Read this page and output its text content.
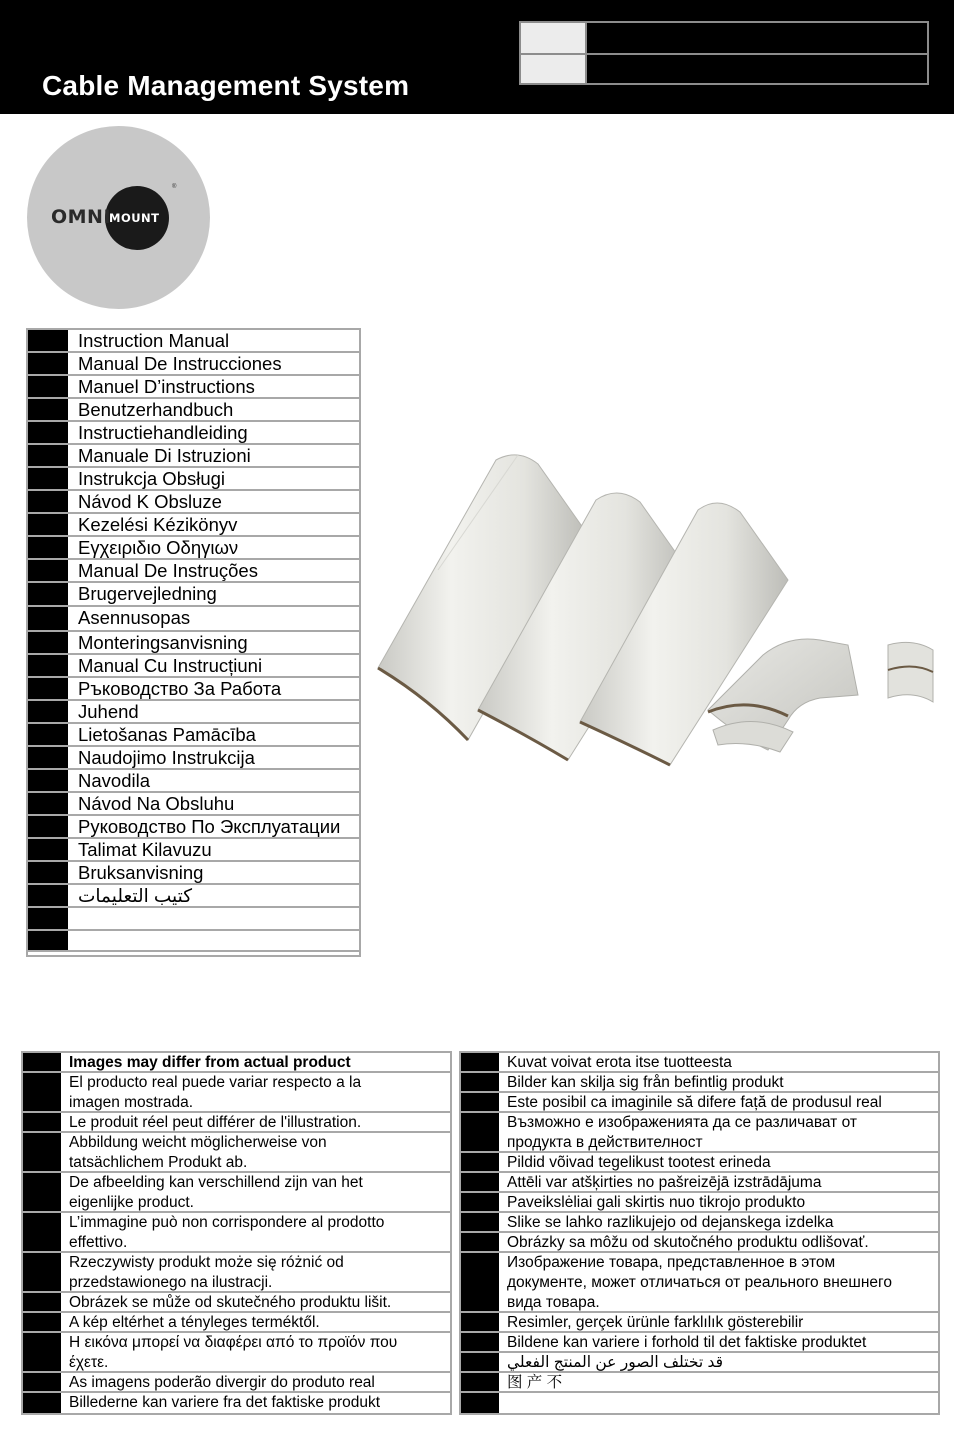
Cable Management System
OMNI
MOUNT
®
Instruction Manual
Manual De Instrucciones
Manuel D’instructions
Benutzerhandbuch
Instructiehandleiding
Manuale Di Istruzioni
Instrukcja Obsługi
Návod K Obsluze
Kezelési Kézikönyv
Εγχειριδιο Οδηγιων
Manual De Instruções
Brugervejledning
Asennusopas
Monteringsanvisning
Manual Cu Instrucțiuni
Ръководство За Работа
Juhend
Lietošanas Pamācība
Naudojimo Instrukcija
Navodila
Návod Na Obsluhu
Руководство По Эксплуатации
Talimat Kilavuzu
Bruksanvisning
كتيب التعليمات
Images may differ from actual product
El producto real puede variar respecto a la
imagen mostrada.
Le produit réel peut différer de l'illustration.
Abbildung weicht möglicherweise von
tatsächlichem Produkt ab.
De afbeelding kan verschillend zijn van het
eigenlijke product.
L’immagine può non corrispondere al prodotto
effettivo.
Rzeczywisty produkt może się różnić od
przedstawionego na ilustracji.
Obrázek se může od skutečného produktu lišit.
A kép eltérhet a tényleges terméktől.
Η εικόνα μπορεί να διαφέρει από το προϊόν που
έχετε.
As imagens poderão divergir do produto real
Billederne kan variere fra det faktiske produkt
Kuvat voivat erota itse tuotteesta
Bilder kan skilja sig från befintlig produkt
Este posibil ca imaginile să difere față de produsul real
Възможно е изображенията да се различават от
продукта в действителност
Pildid võivad tegelikust tootest erineda
Attēli var atšķirties no pašreizējā izstrādājuma
Paveikslėliai gali skirtis nuo tikrojo produkto
Slike se lahko razlikujejo od dejanskega izdelka
Obrázky sa môžu od skutočného produktu odlišovať.
Изображение товара, представленное в этом
документе, может отличаться от реального внешнего
вида товара.
Resimler, gerçek ürünle farklılık gösterebilir
Bildene kan variere i forhold til det faktiske produktet
قد تختلف الصور عن المنتج الفعلي
图 产 不
